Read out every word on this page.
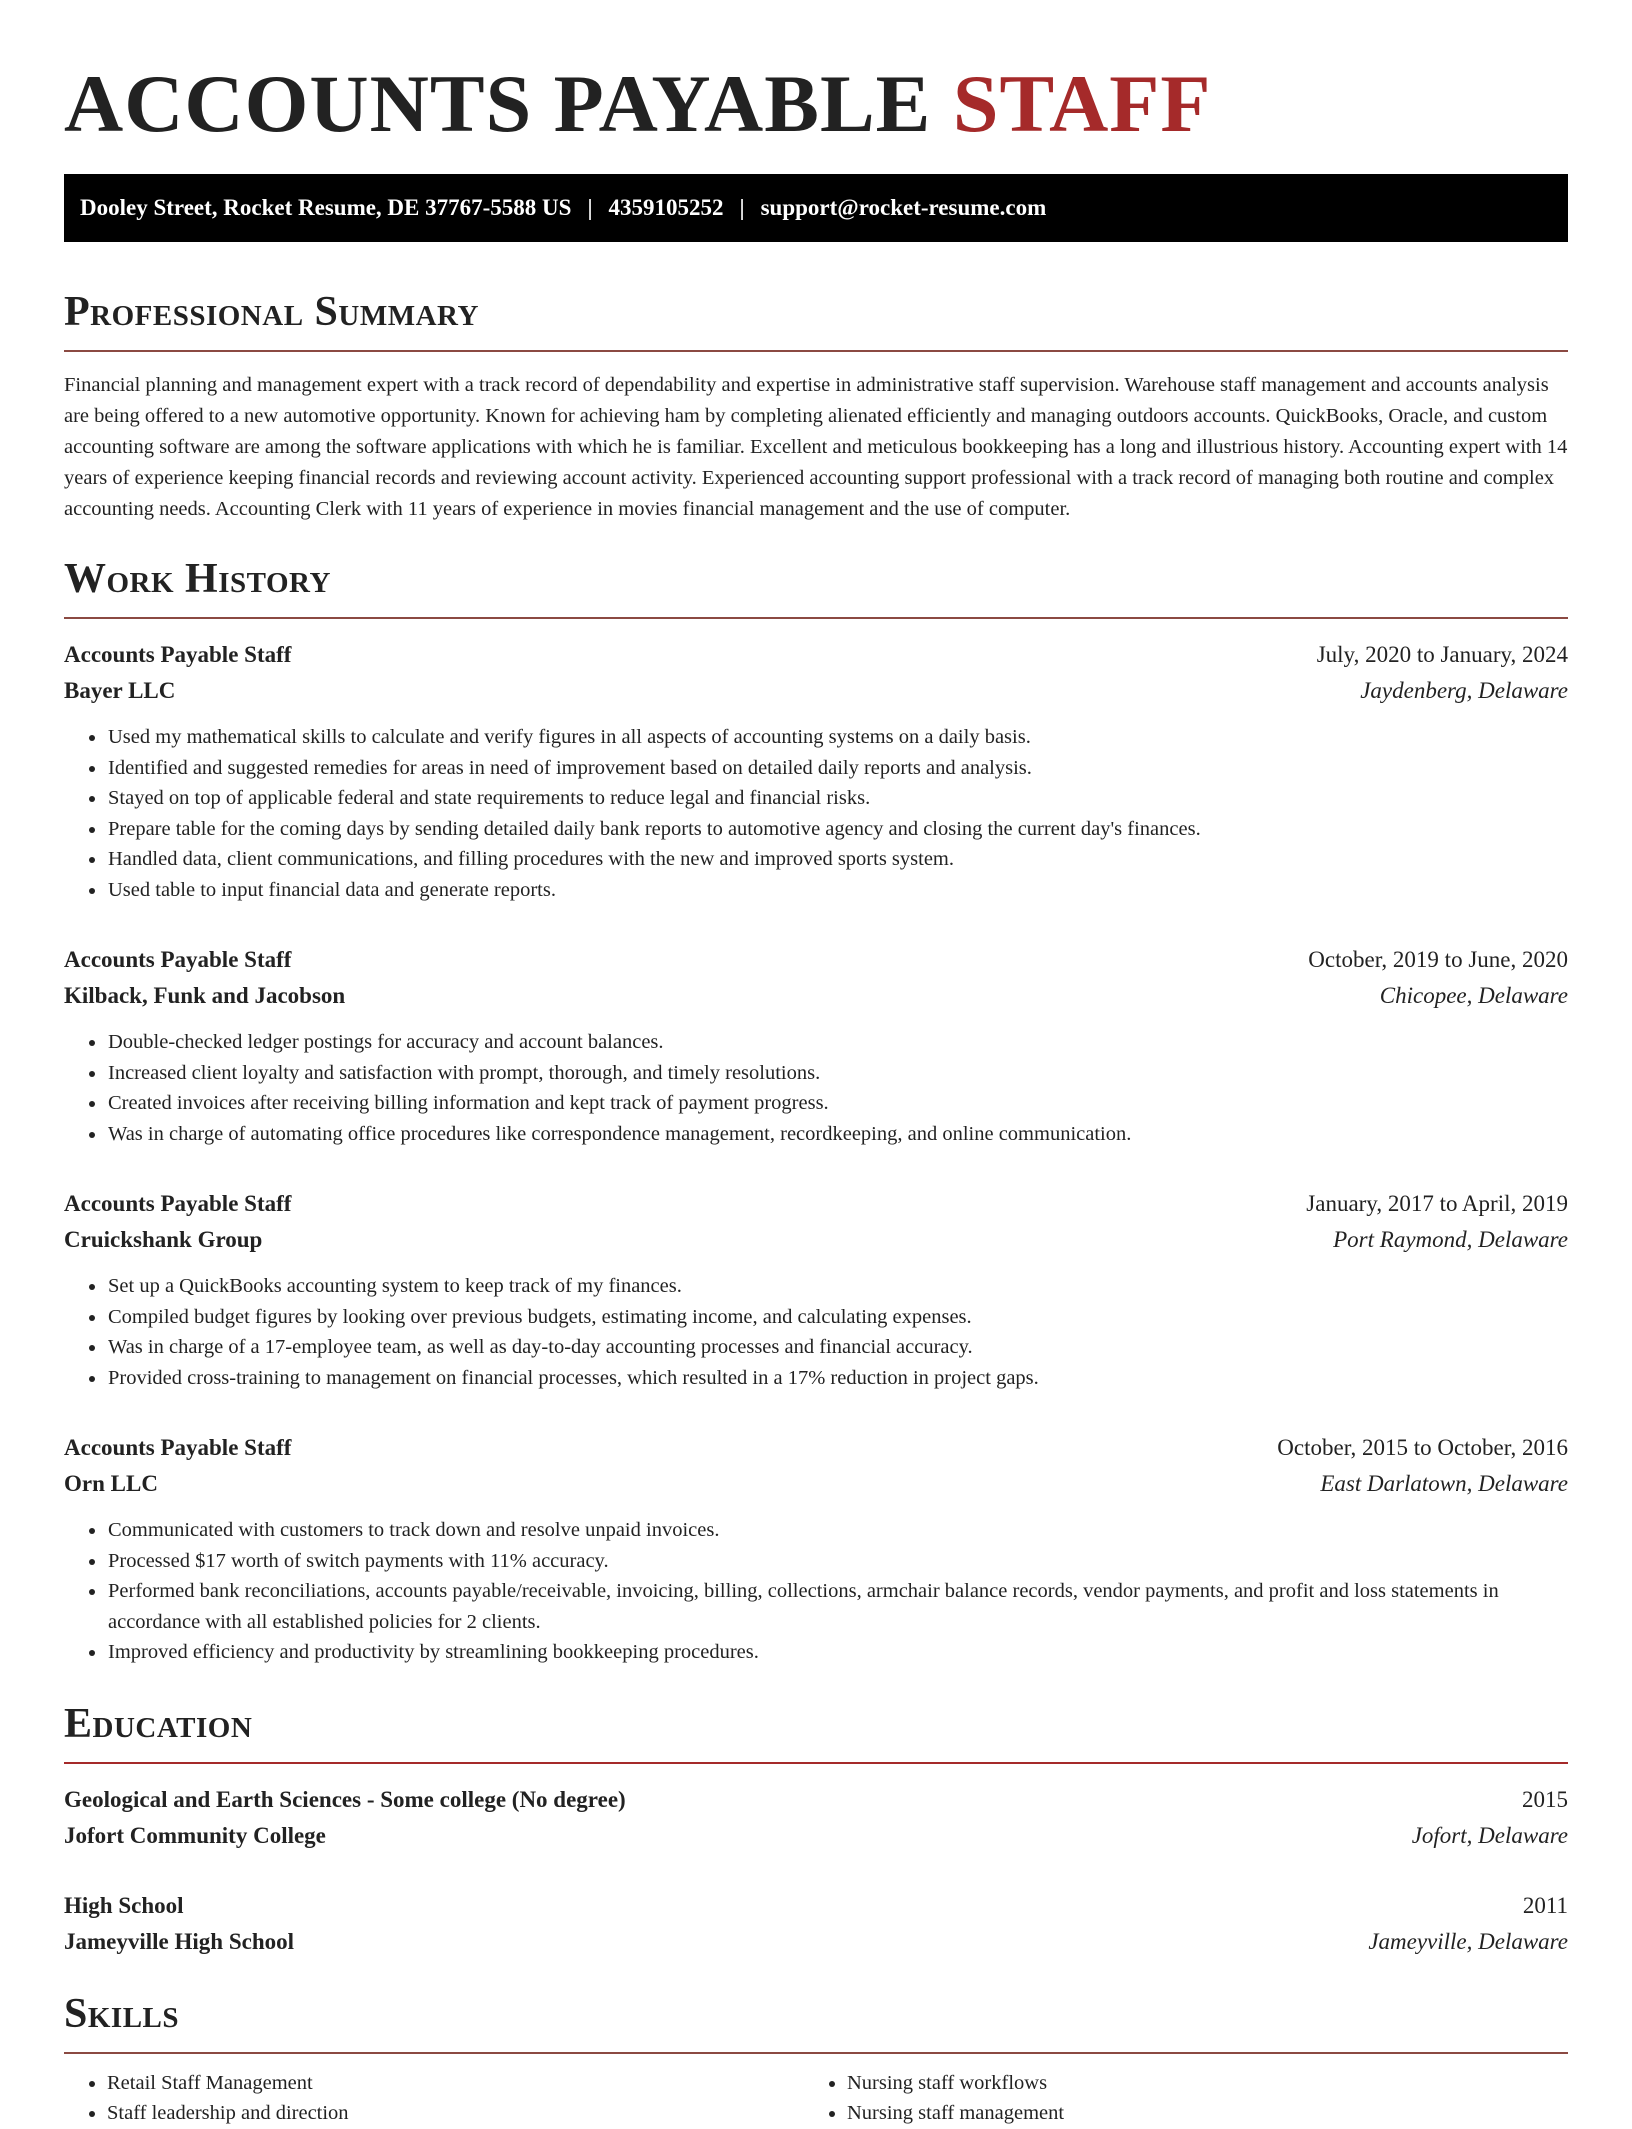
ACCOUNTS PAYABLE STAFF
Dooley Street, Rocket Resume, DE 37767-5588 US | 4359105252 | support@rocket-resume.com
Professional Summary

Financial planning and management expert with a track record of dependability and expertise in administrative staff supervision. Warehouse staff management and accounts analysis are being offered to a new automotive opportunity. Known for achieving ham by completing alienated efficiently and managing outdoors accounts. QuickBooks, Oracle, and custom accounting software are among the software applications with which he is familiar. Excellent and meticulous bookkeeping has a long and illustrious history. Accounting expert with 14 years of experience keeping financial records and reviewing account activity. Experienced accounting support professional with a track record of managing both routine and complex accounting needs. Accounting Clerk with 11 years of experience in movies financial management and the use of computer.

Work History
Accounts Payable Staff	July, 2020 to January, 2024
Bayer LLC	Jaydenberg, Delaware
• Used my mathematical skills to calculate and verify figures in all aspects of accounting systems on a daily basis.
• Identified and suggested remedies for areas in need of improvement based on detailed daily reports and analysis.
• Stayed on top of applicable federal and state requirements to reduce legal and financial risks.
• Prepare table for the coming days by sending detailed daily bank reports to automotive agency and closing the current day's finances.
• Handled data, client communications, and filling procedures with the new and improved sports system.
• Used table to input financial data and generate reports.
Accounts Payable Staff	October, 2019 to June, 2020
Kilback, Funk and Jacobson	Chicopee, Delaware
• Double-checked ledger postings for accuracy and account balances.
• Increased client loyalty and satisfaction with prompt, thorough, and timely resolutions.
• Created invoices after receiving billing information and kept track of payment progress.
• Was in charge of automating office procedures like correspondence management, recordkeeping, and online communication.
Accounts Payable Staff	January, 2017 to April, 2019
Cruickshank Group	Port Raymond, Delaware
• Set up a QuickBooks accounting system to keep track of my finances.
• Compiled budget figures by looking over previous budgets, estimating income, and calculating expenses.
• Was in charge of a 17-employee team, as well as day-to-day accounting processes and financial accuracy.
• Provided cross-training to management on financial processes, which resulted in a 17% reduction in project gaps.
Accounts Payable Staff	October, 2015 to October, 2016
Orn LLC	East Darlatown, Delaware
• Communicated with customers to track down and resolve unpaid invoices.
• Processed $17 worth of switch payments with 11% accuracy.
• Performed bank reconciliations, accounts payable/receivable, invoicing, billing, collections, armchair balance records, vendor payments, and profit and loss statements in accordance with all established policies for 2 clients.
• Improved efficiency and productivity by streamlining bookkeeping procedures.
Education
Geological and Earth Sciences - Some college (No degree)	2015
Jofort Community College	Jofort, Delaware
High School	2011
Jameyville High School	Jameyville, Delaware
Skills
• Retail Staff Management
• Staff leadership and direction
• Nursing staff workflows
• Nursing staff management
